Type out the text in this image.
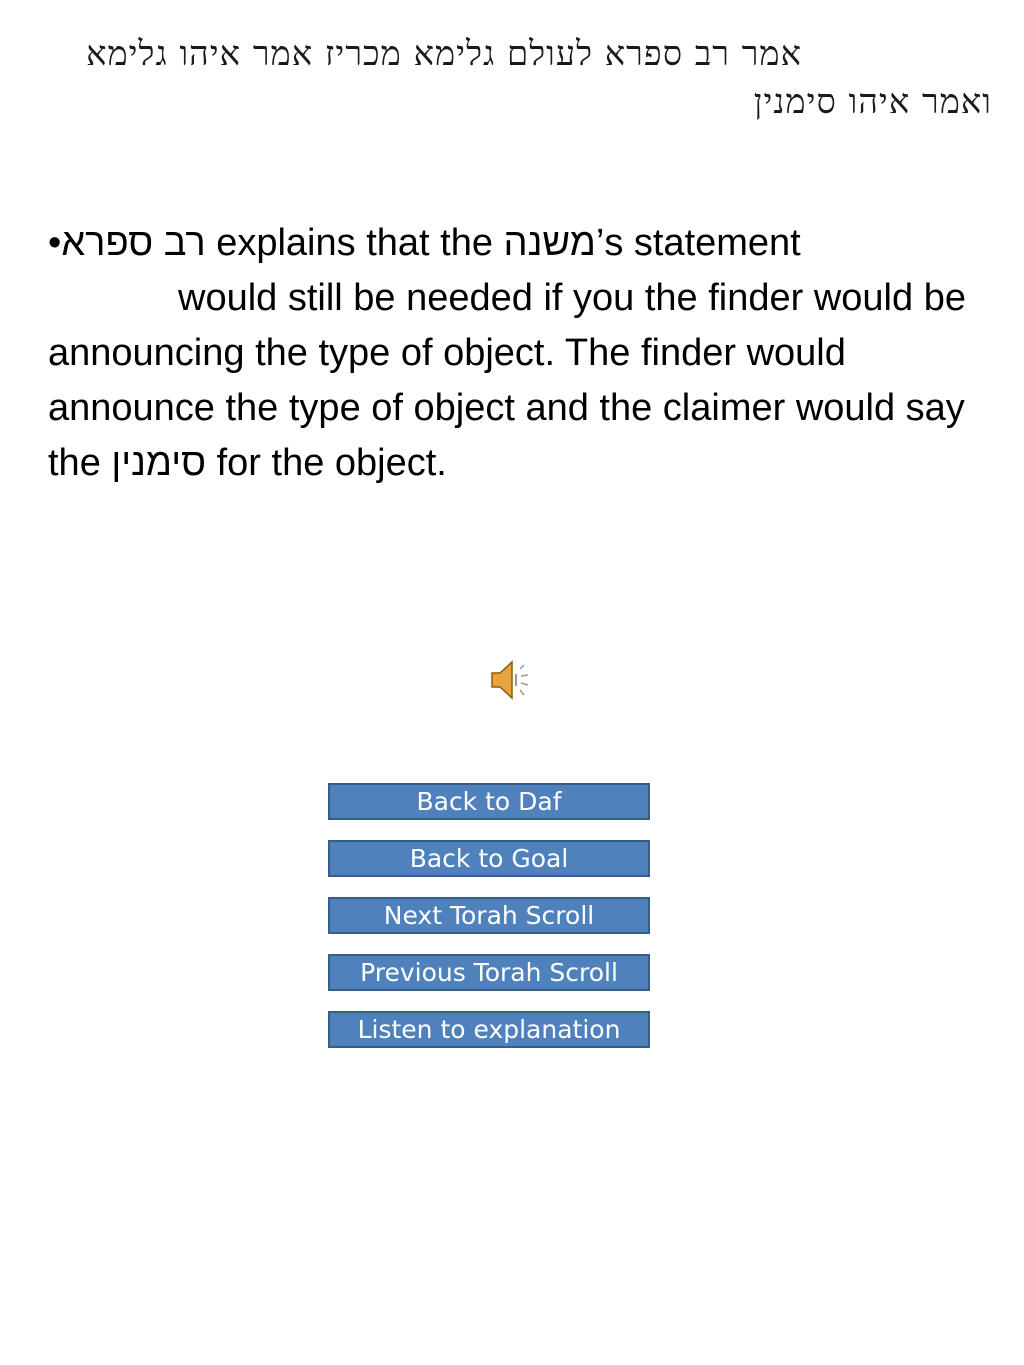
אמר רב ספרא לעולם גלימא מכריז אמר איהו גלימא
ואמר איהו סימנין
•רב ספרא explains that the משנה’s statement
would still be needed if you the finder would be announcing the type of object. The finder would announce the type of object and the claimer would say the סימנין for the object.
Back to Daf
Back to Goal
Next Torah Scroll
Previous Torah Scroll
Listen to explanation
